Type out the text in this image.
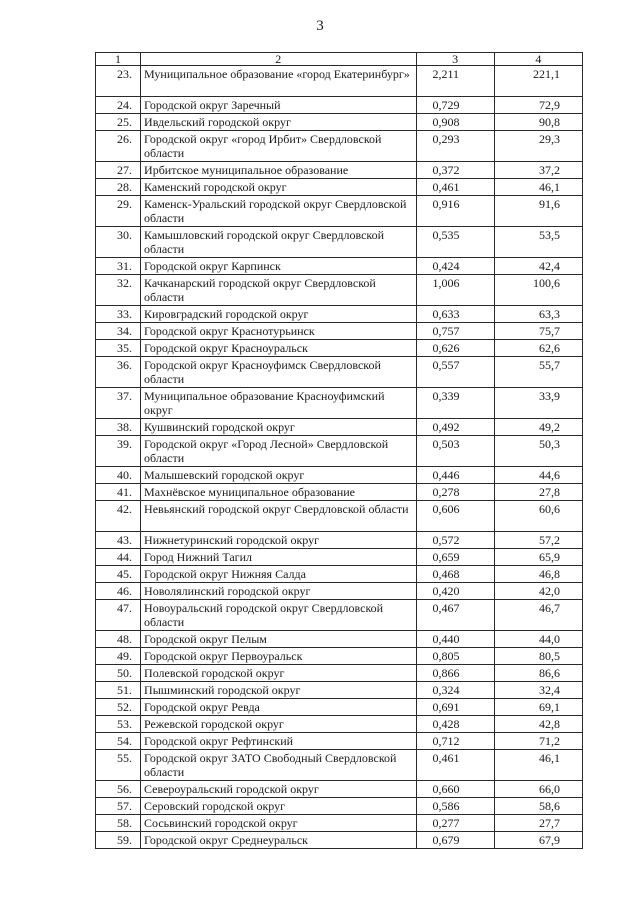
3
1	2	3	4
23.	Муниципальное образование «город Екатеринбург»	2,211	221,1
24.	Городской округ Заречный	0,729	72,9
25.	Ивдельский городской округ	0,908	90,8
26.	Городской округ «город Ирбит» Свердловской области	0,293	29,3
27.	Ирбитское муниципальное образование	0,372	37,2
28.	Каменский городской округ	0,461	46,1
29.	Каменск-Уральский городской округ Свердловской области	0,916	91,6
30.	Камышловский городской округ Свердловской области	0,535	53,5
31.	Городской округ Карпинск	0,424	42,4
32.	Качканарский городской округ Свердловской области	1,006	100,6
33.	Кировградский городской округ	0,633	63,3
34.	Городской округ Краснотурьинск	0,757	75,7
35.	Городской округ Красноуральск	0,626	62,6
36.	Городской округ Красноуфимск Свердловской области	0,557	55,7
37.	Муниципальное образование Красноуфимский округ	0,339	33,9
38.	Кушвинский городской округ	0,492	49,2
39.	Городской округ «Город Лесной» Свердловской области	0,503	50,3
40.	Малышевский городской округ	0,446	44,6
41.	Махнёвское муниципальное образование	0,278	27,8
42.	Невьянский городской округ Свердловской области	0,606	60,6
43.	Нижнетуринский городской округ	0,572	57,2
44.	Город Нижний Тагил	0,659	65,9
45.	Городской округ Нижняя Салда	0,468	46,8
46.	Новолялинский городской округ	0,420	42,0
47.	Новоуральский городской округ Свердловской области	0,467	46,7
48.	Городской округ Пелым	0,440	44,0
49.	Городской округ Первоуральск	0,805	80,5
50.	Полевской городской округ	0,866	86,6
51.	Пышминский городской округ	0,324	32,4
52.	Городской округ Ревда	0,691	69,1
53.	Режевской городской округ	0,428	42,8
54.	Городской округ Рефтинский	0,712	71,2
55.	Городской округ ЗАТО Свободный Свердловской области	0,461	46,1
56.	Североуральский городской округ	0,660	66,0
57.	Серовский городской округ	0,586	58,6
58.	Сосьвинский городской округ	0,277	27,7
59.	Городской округ Среднеуральск	0,679	67,9
